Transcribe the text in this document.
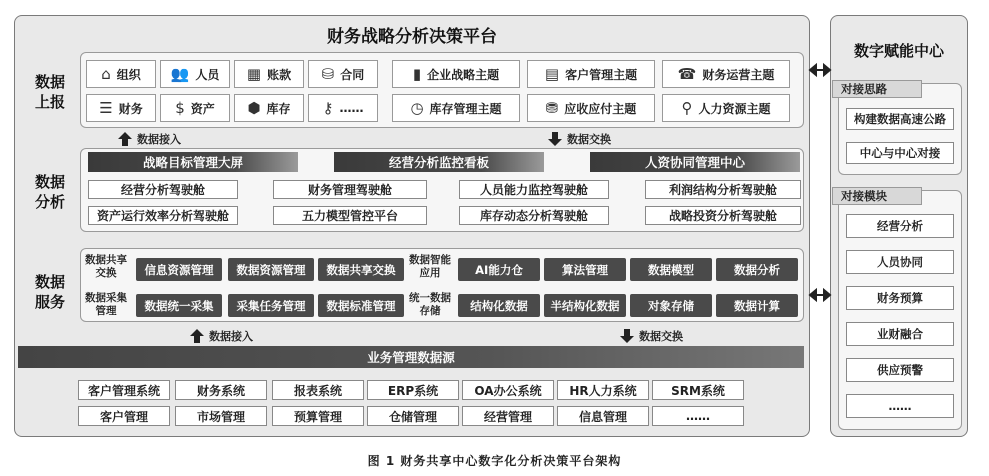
财务战略分析决策平台
数据上报
数据分析
数据服务
业务管理数据源
数字赋能中心
对接思路
对接模块
图 1 财务共享中心数字化分析决策平台架构
⌂ 组织 👥 人员 ▦ 账款 ⛁ 合同
☰ 财务 $ 资产 ⬢ 库存 ⚷ ……
▮ 企业战略主题	▤ 客户管理主题	☎ 财务运营主题
◷ 库存管理主题	⛃ 应收应付主题	⚲ 人力资源主题
数据接入	数据交换
数据接入	数据交换
战略目标管理大屏	经营分析监控看板	人资协同管理中心
经营分析驾驶舱	财务管理驾驶舱	人员能力监控驾驶舱	利润结构分析驾驶舱
资产运行效率分析驾驶舱	五力模型管控平台	库存动态分析驾驶舱	战略投资分析驾驶舱
数据共享交换
数据采集管理
数据智能应用
统一数据存储
信息资源管理	数据资源管理	数据共享交换
数据统一采集	采集任务管理	数据标准管理
AI能力仓	算法管理	数据模型	数据分析
结构化数据	半结构化数据	对象存储	数据计算
客户管理系统	财务系统	报表系统	ERP系统	OA办公系统	HR人力系统	SRM系统
客户管理	市场管理	预算管理	仓储管理	经营管理	信息管理	……
构建数据高速公路
中心与中心对接
经营分析
人员协同
财务预算
业财融合
供应预警
……
